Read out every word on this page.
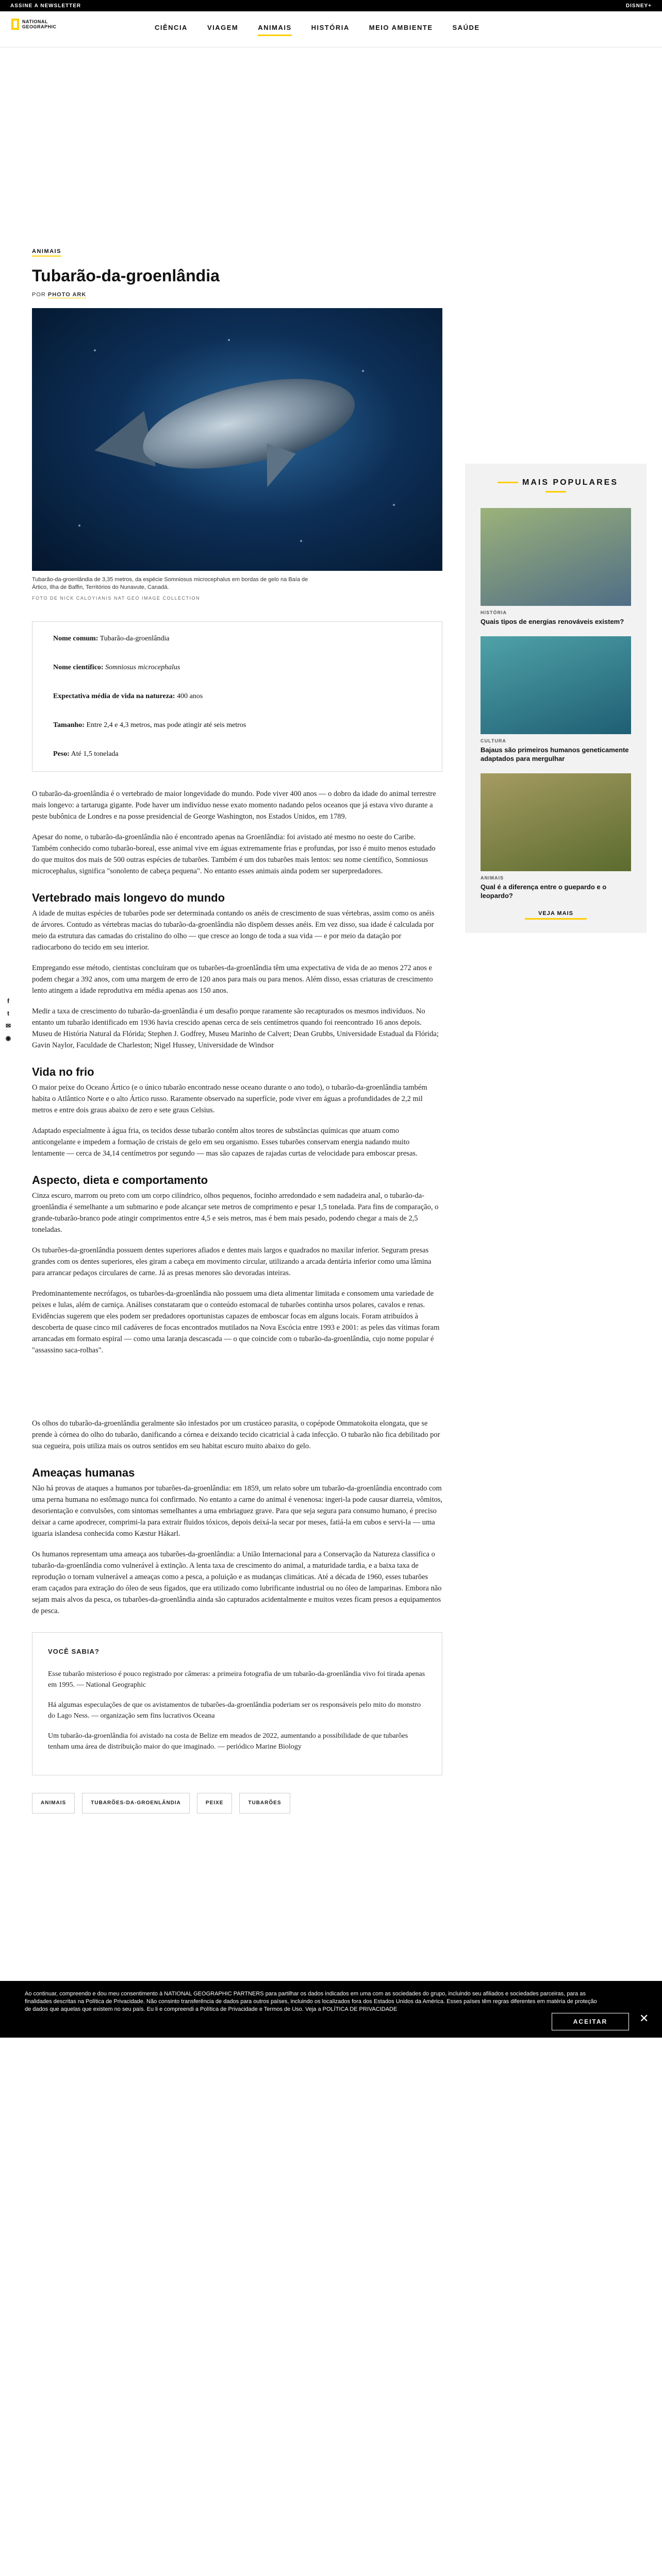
ASSINE A NEWSLETTER	DISNEY+
NATIONAL
GEOGRAPHIC	CIÊNCIA	VIAGEM	ANIMAIS	HISTÓRIA	MEIO AMBIENTE	SAÚDE
f
t
✉
◉
ANIMAIS
Tubarão-da-groenlândia
POR PHOTO ARK
Tubarão-da-groenlândia de 3,35 metros, da espécie Somniosus microcephalus em bordas de gelo na Baía de Ártico, Ilha de Baffin, Territórios do Nunavute, Canadá.
FOTO DE NICK CALOYIANIS NAT GEO IMAGE COLLECTION
Nome comum: Tubarão-da-groenlândia
Nome científico: Somniosus microcephalus
Expectativa média de vida na natureza: 400 anos
Tamanho: Entre 2,4 e 4,3 metros, mas pode atingir até seis metros
Peso: Até 1,5 tonelada

O tubarão-da-groenlândia é o vertebrado de maior longevidade do mundo. Pode viver 400 anos — o dobro da idade do animal terrestre mais longevo: a tartaruga gigante. Pode haver um indivíduo nesse exato momento nadando pelos oceanos que já estava vivo durante a peste bubônica de Londres e na posse presidencial de George Washington, nos Estados Unidos, em 1789.

Apesar do nome, o tubarão-da-groenlândia não é encontrado apenas na Groenlândia: foi avistado até mesmo no oeste do Caribe. Também conhecido como tubarão-boreal, esse animal vive em águas extremamente frias e profundas, por isso é muito menos estudado do que muitos dos mais de 500 outras espécies de tubarões. Também é um dos tubarões mais lentos: seu nome científico, Somniosus microcephalus, significa "sonolento de cabeça pequena". No entanto esses animais ainda podem ser superpredadores.

Vertebrado mais longevo do mundo

A idade de muitas espécies de tubarões pode ser determinada contando os anéis de crescimento de suas vértebras, assim como os anéis de árvores. Contudo as vértebras macias do tubarão-da-groenlândia não dispõem desses anéis. Em vez disso, sua idade é calculada por meio da estrutura das camadas do cristalino do olho — que cresce ao longo de toda a sua vida — e por meio da datação por radiocarbono do tecido em seu interior.

Empregando esse método, cientistas concluíram que os tubarões-da-groenlândia têm uma expectativa de vida de ao menos 272 anos e podem chegar a 392 anos, com uma margem de erro de 120 anos para mais ou para menos. Além disso, essas criaturas de crescimento lento atingem a idade reprodutiva em média apenas aos 150 anos.

Medir a taxa de crescimento do tubarão-da-groenlândia é um desafio porque raramente são recapturados os mesmos indivíduos. No entanto um tubarão identificado em 1936 havia crescido apenas cerca de seis centímetros quando foi reencontrado 16 anos depois. Museu de História Natural da Flórida; Stephen J. Godfrey, Museu Marinho de Calvert; Dean Grubbs, Universidade Estadual da Flórida; Gavin Naylor, Faculdade de Charleston; Nigel Hussey, Universidade de Windsor

Vida no frio

O maior peixe do Oceano Ártico (e o único tubarão encontrado nesse oceano durante o ano todo), o tubarão-da-groenlândia também habita o Atlântico Norte e o alto Ártico russo. Raramente observado na superfície, pode viver em águas a profundidades de 2,2 mil metros e entre dois graus abaixo de zero e sete graus Celsius.

Adaptado especialmente à água fria, os tecidos desse tubarão contêm altos teores de substâncias químicas que atuam como anticongelante e impedem a formação de cristais de gelo em seu organismo. Esses tubarões conservam energia nadando muito lentamente — cerca de 34,14 centímetros por segundo — mas são capazes de rajadas curtas de velocidade para emboscar presas.

Aspecto, dieta e comportamento

Cinza escuro, marrom ou preto com um corpo cilíndrico, olhos pequenos, focinho arredondado e sem nadadeira anal, o tubarão-da-groenlândia é semelhante a um submarino e pode alcançar sete metros de comprimento e pesar 1,5 tonelada. Para fins de comparação, o grande-tubarão-branco pode atingir comprimentos entre 4,5 e seis metros, mas é bem mais pesado, podendo chegar a mais de 2,5 toneladas.

Os tubarões-da-groenlândia possuem dentes superiores afiados e dentes mais largos e quadrados no maxilar inferior. Seguram presas grandes com os dentes superiores, eles giram a cabeça em movimento circular, utilizando a arcada dentária inferior como uma lâmina para arrancar pedaços circulares de carne. Já as presas menores são devoradas inteiras.

Predominantemente necrófagos, os tubarões-da-groenlândia não possuem uma dieta alimentar limitada e consomem uma variedade de peixes e lulas, além de carniça. Análises constataram que o conteúdo estomacal de tubarões continha ursos polares, cavalos e renas. Evidências sugerem que eles podem ser predadores oportunistas capazes de emboscar focas em alguns locais. Foram atribuídos à descoberta de quase cinco mil cadáveres de focas encontrados mutilados na Nova Escócia entre 1993 e 2001: as peles das vítimas foram arrancadas em formato espiral — como uma laranja descascada — o que coincide com o tubarão-da-groenlândia, cujo nome popular é "assassino saca-rolhas".

Os olhos do tubarão-da-groenlândia geralmente são infestados por um crustáceo parasita, o copépode Ommatokoita elongata, que se prende à córnea do olho do tubarão, danificando a córnea e deixando tecido cicatricial à cada infecção. O tubarão não fica debilitado por sua cegueira, pois utiliza mais os outros sentidos em seu habitat escuro muito abaixo do gelo.

Ameaças humanas

Não há provas de ataques a humanos por tubarões-da-groenlândia: em 1859, um relato sobre um tubarão-da-groenlândia encontrado com uma perna humana no estômago nunca foi confirmado. No entanto a carne do animal é venenosa: ingeri-la pode causar diarreia, vômitos, desorientação e convulsões, com sintomas semelhantes a uma embriaguez grave. Para que seja segura para consumo humano, é preciso deixar a carne apodrecer, comprimi-la para extrair fluidos tóxicos, depois deixá-la secar por meses, fatiá-la em cubos e servi-la — uma iguaria islandesa conhecida como Kæstur Hákarl.

Os humanos representam uma ameaça aos tubarões-da-groenlândia: a União Internacional para a Conservação da Natureza classifica o tubarão-da-groenlândia como vulnerável à extinção. A lenta taxa de crescimento do animal, a maturidade tardia, e a baixa taxa de reprodução o tornam vulnerável a ameaças como a pesca, a poluição e as mudanças climáticas. Até a década de 1960, esses tubarões eram caçados para extração do óleo de seus fígados, que era utilizado como lubrificante industrial ou no óleo de lamparinas. Embora não sejam mais alvos da pesca, os tubarões-da-groenlândia ainda são capturados acidentalmente e muitos vezes ficam presos a equipamentos de pesca.

VOCÊ SABIA?

Esse tubarão misterioso é pouco registrado por câmeras: a primeira fotografia de um tubarão-da-groenlândia vivo foi tirada apenas em 1995. — National Geographic

Há algumas especulações de que os avistamentos de tubarões-da-groenlândia poderiam ser os responsáveis pelo mito do monstro do Lago Ness. — organização sem fins lucrativos Oceana

Um tubarão-da-groenlândia foi avistado na costa de Belize em meados de 2022, aumentando a possibilidade de que tubarões tenham uma área de distribuição maior do que imaginado. — periódico Marine Biology

ANIMAIS	TUBARÕES-DA-GROENLÂNDIA	PEIXE	TUBARÕES
MAIS POPULARES
HISTÓRIA
Quais tipos de energias renováveis existem?
CULTURA
Bajaus são primeiros humanos geneticamente adaptados para mergulhar
ANIMAIS
Qual é a diferença entre o guepardo e o leopardo?
VEJA MAIS
Ao continuar, compreendo e dou meu consentimento à NATIONAL GEOGRAPHIC PARTNERS para partilhar os dados indicados em uma com as sociedades do grupo, incluindo seu afiliados e sociedades parceiras, para as finalidades descritas na Política de Privacidade. Não consinto transferência de dados para outros países, incluindo os localizados fora dos Estados Unidos da América. Esses países têm regras diferentes em matéria de proteção de dados que aquelas que existem no seu país. Eu li e compreendi a Política de Privacidade e Termos de Uso. Veja a POLÍTICA DE PRIVACIDADE
ACEITAR	✕
